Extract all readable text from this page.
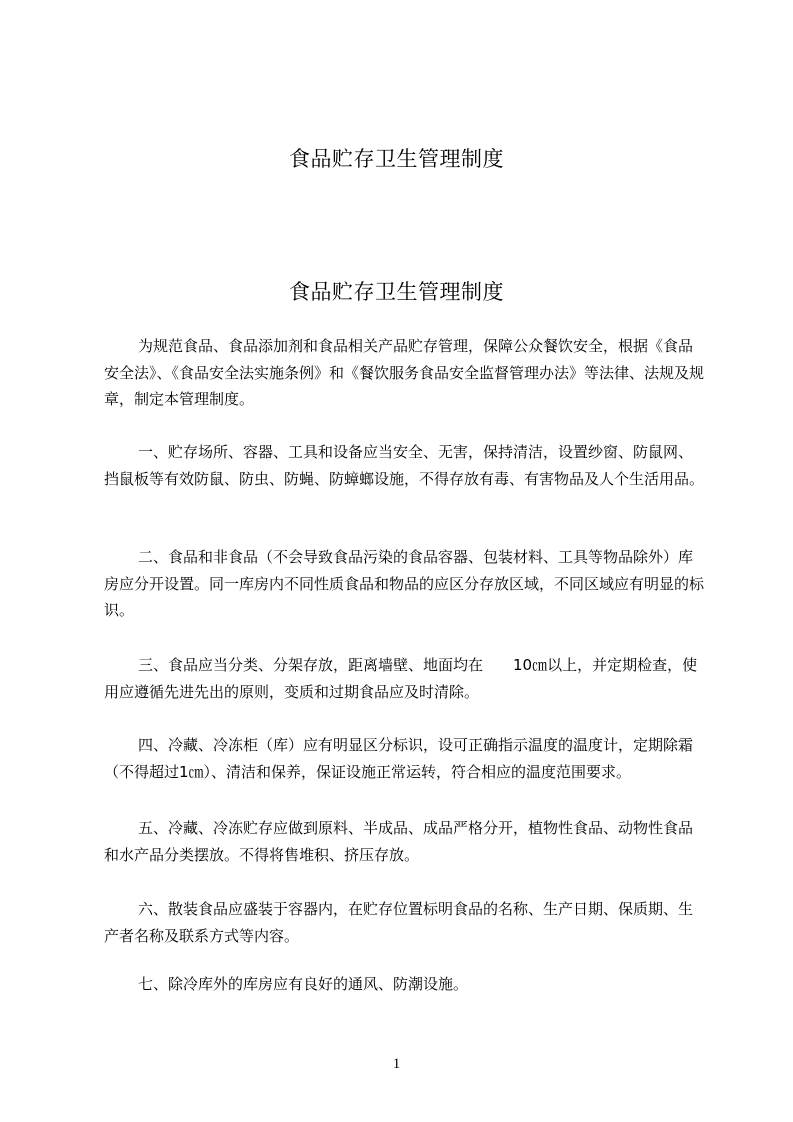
食品贮存卫生管理制度
食品贮存卫生管理制度

为规范食品、食品添加剂和食品相关产品贮存管理，保障公众餐饮安全，根据《食品安全法》、《食品安全法实施条例》和《餐饮服务食品安全监督管理办法》等法律、法规及规章，制定本管理制度。

一、贮存场所、容器、工具和设备应当安全、无害，保持清洁，设置纱窗、防鼠网、挡鼠板等有效防鼠、防虫、防蝇、防蟑螂设施，不得存放有毒、有害物品及人个生活用品。

二、食品和非食品（不会导致食品污染的食品容器、包装材料、工具等物品除外）库房应分开设置。同一库房内不同性质食品和物品的应区分存放区域，不同区域应有明显的标识。

三、食品应当分类、分架存放，距离墙壁、地面均在　　10㎝以上，并定期检查，使用应遵循先进先出的原则，变质和过期食品应及时清除。

四、冷藏、冷冻柜（库）应有明显区分标识，设可正确指示温度的温度计，定期除霜（不得超过1㎝）、清洁和保养，保证设施正常运转，符合相应的温度范围要求。

五、冷藏、冷冻贮存应做到原料、半成品、成品严格分开，植物性食品、动物性食品和水产品分类摆放。不得将售堆积、挤压存放。

六、散装食品应盛装于容器内，在贮存位置标明食品的名称、生产日期、保质期、生产者名称及联系方式等内容。

七、除冷库外的库房应有良好的通风、防潮设施。

1
